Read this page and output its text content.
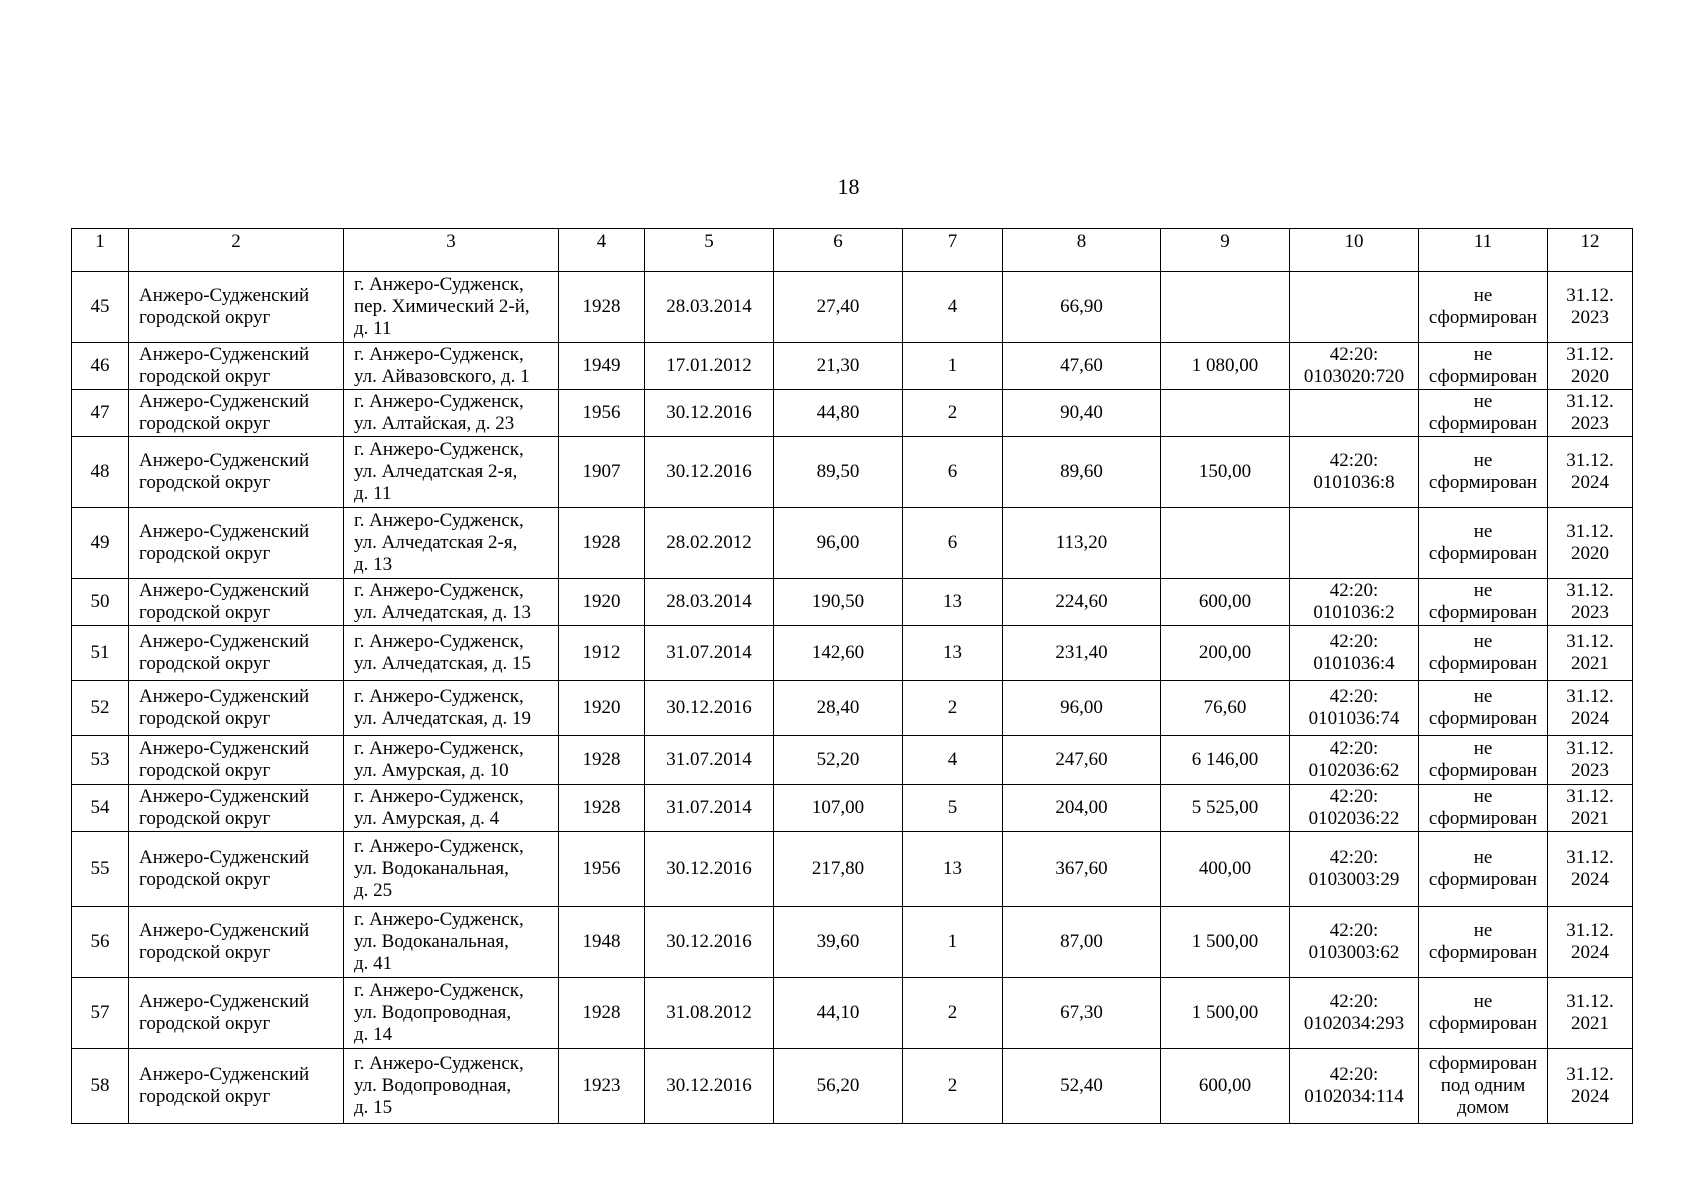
18
1	2	3	4	5	6	7	8	9	10	11	12
45	Анжеро-Судженский
городской округ	г. Анжеро-Судженск,
пер. Химический 2-й,
д. 11	1928	28.03.2014	27,40	4	66,90			не
сформирован	31.12.
2023
46	Анжеро-Судженский
городской округ	г. Анжеро-Судженск,
ул. Айвазовского, д. 1	1949	17.01.2012	21,30	1	47,60	1 080,00	42:20:
0103020:720	не
сформирован	31.12.
2020
47	Анжеро-Судженский
городской округ	г. Анжеро-Судженск,
ул. Алтайская, д. 23	1956	30.12.2016	44,80	2	90,40			не
сформирован	31.12.
2023
48	Анжеро-Судженский
городской округ	г. Анжеро-Судженск,
ул. Алчедатская 2-я,
д. 11	1907	30.12.2016	89,50	6	89,60	150,00	42:20:
0101036:8	не
сформирован	31.12.
2024
49	Анжеро-Судженский
городской округ	г. Анжеро-Судженск,
ул. Алчедатская 2-я,
д. 13	1928	28.02.2012	96,00	6	113,20			не
сформирован	31.12.
2020
50	Анжеро-Судженский
городской округ	г. Анжеро-Судженск,
ул. Алчедатская, д. 13	1920	28.03.2014	190,50	13	224,60	600,00	42:20:
0101036:2	не
сформирован	31.12.
2023
51	Анжеро-Судженский
городской округ	г. Анжеро-Судженск,
ул. Алчедатская, д. 15	1912	31.07.2014	142,60	13	231,40	200,00	42:20:
0101036:4	не
сформирован	31.12.
2021
52	Анжеро-Судженский
городской округ	г. Анжеро-Судженск,
ул. Алчедатская, д. 19	1920	30.12.2016	28,40	2	96,00	76,60	42:20:
0101036:74	не
сформирован	31.12.
2024
53	Анжеро-Судженский
городской округ	г. Анжеро-Судженск,
ул. Амурская, д. 10	1928	31.07.2014	52,20	4	247,60	6 146,00	42:20:
0102036:62	не
сформирован	31.12.
2023
54	Анжеро-Судженский
городской округ	г. Анжеро-Судженск,
ул. Амурская, д. 4	1928	31.07.2014	107,00	5	204,00	5 525,00	42:20:
0102036:22	не
сформирован	31.12.
2021
55	Анжеро-Судженский
городской округ	г. Анжеро-Судженск,
ул. Водоканальная,
д. 25	1956	30.12.2016	217,80	13	367,60	400,00	42:20:
0103003:29	не
сформирован	31.12.
2024
56	Анжеро-Судженский
городской округ	г. Анжеро-Судженск,
ул. Водоканальная,
д. 41	1948	30.12.2016	39,60	1	87,00	1 500,00	42:20:
0103003:62	не
сформирован	31.12.
2024
57	Анжеро-Судженский
городской округ	г. Анжеро-Судженск,
ул. Водопроводная,
д. 14	1928	31.08.2012	44,10	2	67,30	1 500,00	42:20:
0102034:293	не
сформирован	31.12.
2021
58	Анжеро-Судженский
городской округ	г. Анжеро-Судженск,
ул. Водопроводная,
д. 15	1923	30.12.2016	56,20	2	52,40	600,00	42:20:
0102034:114	сформирован
под одним
домом	31.12.
2024
